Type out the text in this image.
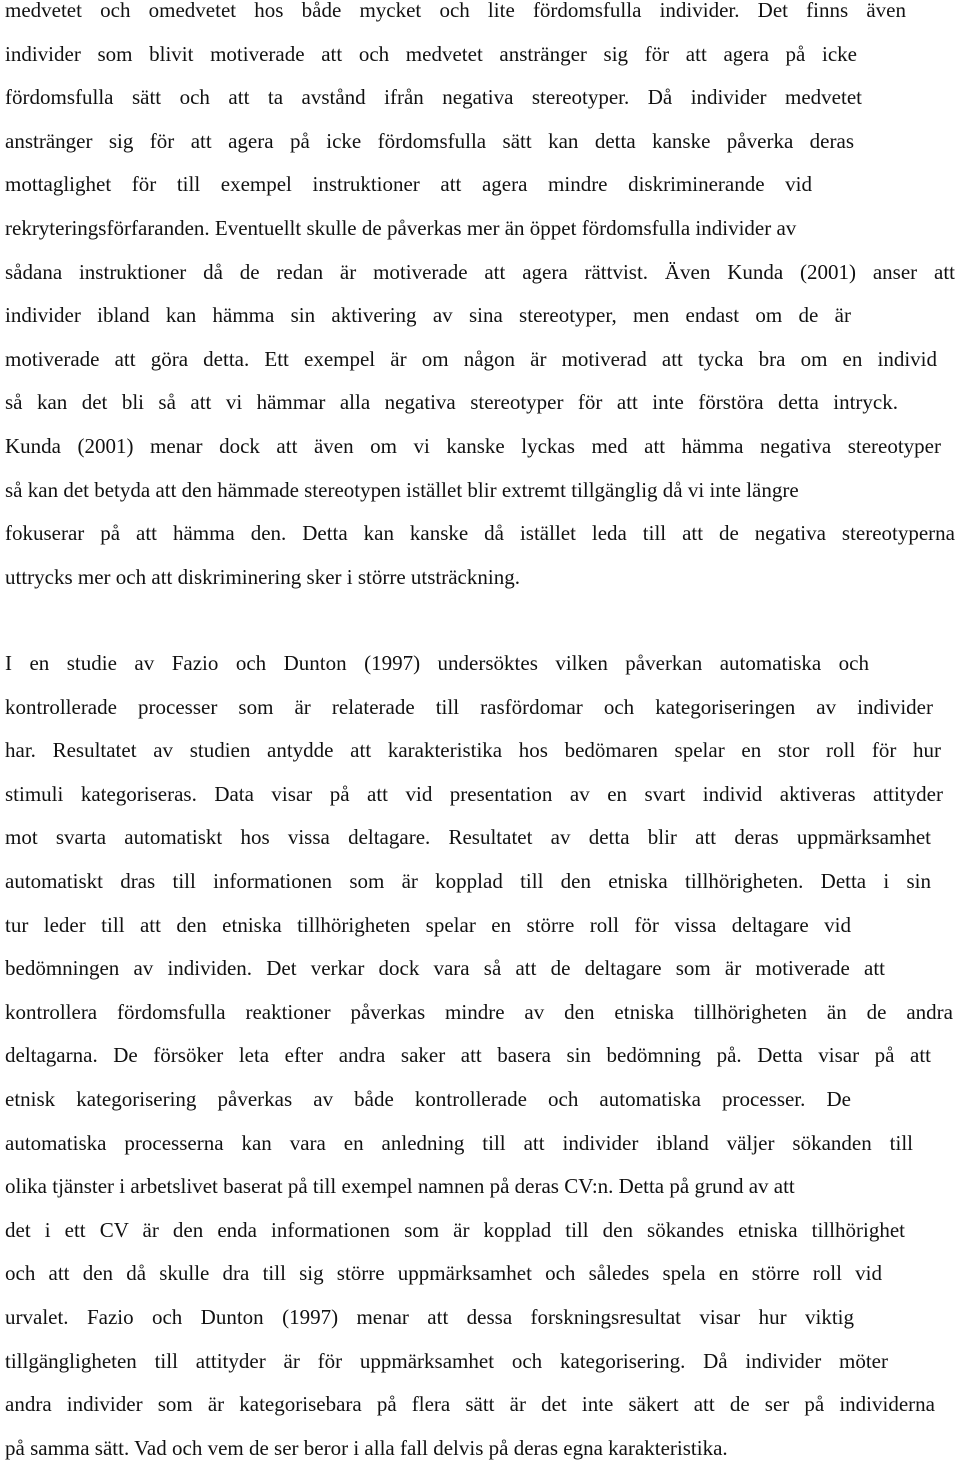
medvetet och omedvetet hos både mycket och lite fördomsfulla individer. Det finns även
individer som blivit motiverade att och medvetet anstränger sig för att agera på icke
fördomsfulla sätt och att ta avstånd ifrån negativa stereotyper. Då individer medvetet
anstränger sig för att agera på icke fördomsfulla sätt kan detta kanske påverka deras
mottaglighet för till exempel instruktioner att agera mindre diskriminerande vid
rekryteringsförfaranden. Eventuellt skulle de påverkas mer än öppet fördomsfulla individer av
sådana instruktioner då de redan är motiverade att agera rättvist. Även Kunda (2001) anser att
individer ibland kan hämma sin aktivering av sina stereotyper, men endast om de är
motiverade att göra detta. Ett exempel är om någon är motiverad att tycka bra om en individ
så kan det bli så att vi hämmar alla negativa stereotyper för att inte förstöra detta intryck.
Kunda (2001) menar dock att även om vi kanske lyckas med att hämma negativa stereotyper
så kan det betyda att den hämmade stereotypen istället blir extremt tillgänglig då vi inte längre
fokuserar på att hämma den. Detta kan kanske då istället leda till att de negativa stereotyperna
uttrycks mer och att diskriminering sker i större utsträckning.
I en studie av Fazio och Dunton (1997) undersöktes vilken påverkan automatiska och
kontrollerade processer som är relaterade till rasfördomar och kategoriseringen av individer
har. Resultatet av studien antydde att karakteristika hos bedömaren spelar en stor roll för hur
stimuli kategoriseras. Data visar på att vid presentation av en svart individ aktiveras attityder
mot svarta automatiskt hos vissa deltagare. Resultatet av detta blir att deras uppmärksamhet
automatiskt dras till informationen som är kopplad till den etniska tillhörigheten. Detta i sin
tur leder till att den etniska tillhörigheten spelar en större roll för vissa deltagare vid
bedömningen av individen. Det verkar dock vara så att de deltagare som är motiverade att
kontrollera fördomsfulla reaktioner påverkas mindre av den etniska tillhörigheten än de andra
deltagarna. De försöker leta efter andra saker att basera sin bedömning på. Detta visar på att
etnisk kategorisering påverkas av både kontrollerade och automatiska processer. De
automatiska processerna kan vara en anledning till att individer ibland väljer sökanden till
olika tjänster i arbetslivet baserat på till exempel namnen på deras CV:n. Detta på grund av att
det i ett CV är den enda informationen som är kopplad till den sökandes etniska tillhörighet
och att den då skulle dra till sig större uppmärksamhet och således spela en större roll vid
urvalet. Fazio och Dunton (1997) menar att dessa forskningsresultat visar hur viktig
tillgängligheten till attityder är för uppmärksamhet och kategorisering. Då individer möter
andra individer som är kategorisebara på flera sätt är det inte säkert att de ser på individerna
på samma sätt. Vad och vem de ser beror i alla fall delvis på deras egna karakteristika.
